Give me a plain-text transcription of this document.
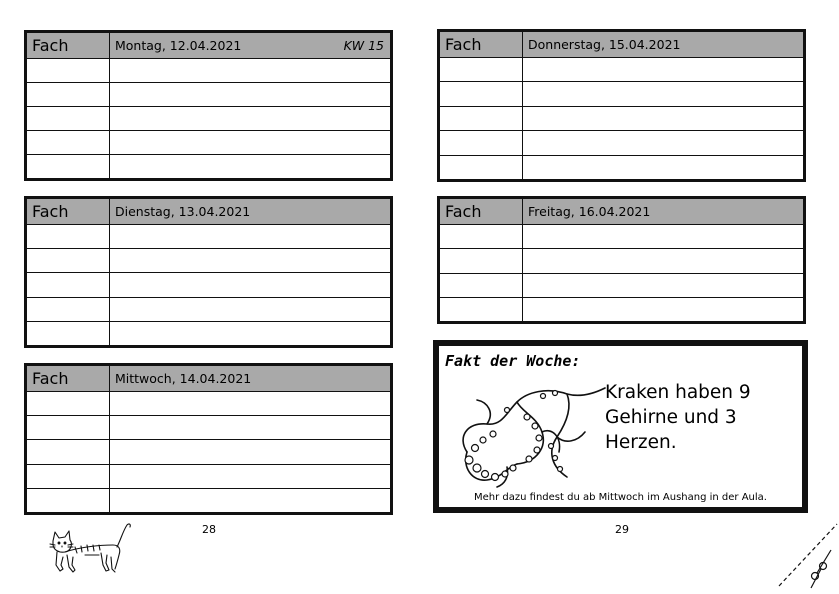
Fach	Montag, 12.04.2021 KW 15

Fach	Dienstag, 13.04.2021

Fach	Mittwoch, 14.04.2021

Fach	Donnerstag, 15.04.2021

Fach	Freitag, 16.04.2021

Fakt der Woche:
Kraken haben 9 Gehirne und 3 Herzen.
Mehr dazu findest du ab Mittwoch im Aushang in der Aula.
28	29
